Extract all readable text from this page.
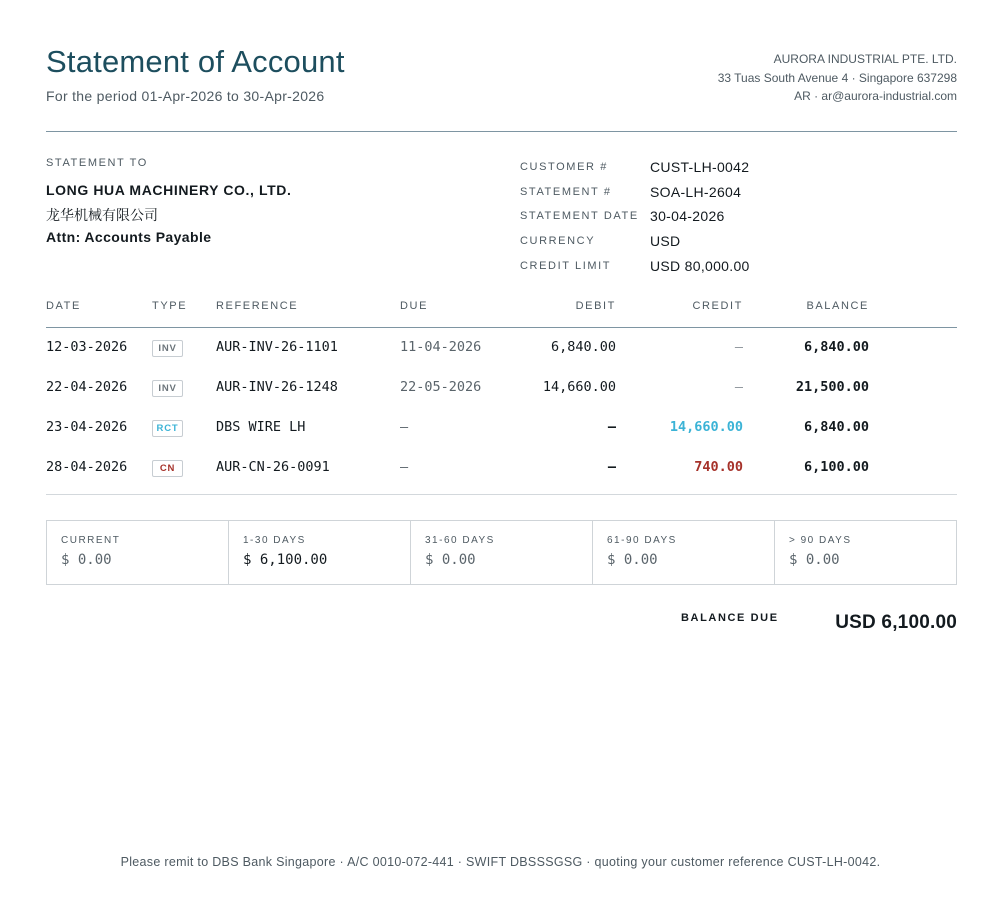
Statement of Account
For the period 01-Apr-2026 to 30-Apr-2026
AURORA INDUSTRIAL PTE. LTD.
33 Tuas South Avenue 4 · Singapore 637298
AR · ar@aurora-industrial.com
STATEMENT TO
LONG HUA MACHINERY CO., LTD.
龙华机械有限公司
Attn: Accounts Payable
CUSTOMER #	CUST-LH-0042
STATEMENT #	SOA-LH-2604
STATEMENT DATE 30-04-2026
CURRENCY	USD
CREDIT LIMIT	USD 80,000.00
DATE	TYPE	REFERENCE	DUE	DEBIT	CREDIT	BALANCE
12-03-2026	INV	AUR-INV-26-1101	11-04-2026	6,840.00	—	6,840.00
22-04-2026	INV	AUR-INV-26-1248	22-05-2026	14,660.00	—	21,500.00
23-04-2026	RCT	DBS WIRE LH	—	—	14,660.00	6,840.00
28-04-2026	CN	AUR-CN-26-0091	—	—	740.00	6,100.00
CURRENT
$ 0.00
1-30 DAYS
$ 6,100.00
31-60 DAYS
$ 0.00
61-90 DAYS
$ 0.00
> 90 DAYS
$ 0.00
BALANCE DUE	USD 6,100.00
Please remit to DBS Bank Singapore · A/C 0010-072-441 · SWIFT DBSSSGSG · quoting your customer reference CUST-LH-0042.
